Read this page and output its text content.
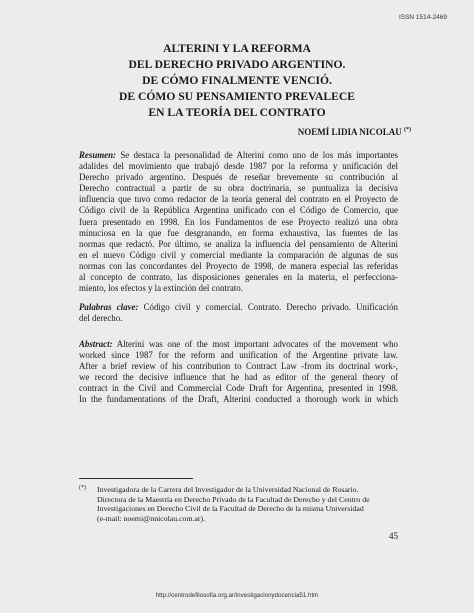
ISSN 1514-2469
ALTERINI Y LA REFORMA
DEL DERECHO PRIVADO ARGENTINO.
DE CÓMO FINALMENTE VENCIÓ.
DE CÓMO SU PENSAMIENTO PREVALECE
EN LA TEORÍA DEL CONTRATO
NOEMÍ LIDIA NICOLAU (*)
Resumen: Se destaca la personalidad de Alterini como uno de los más importantes
adalides del movimiento que trabajó desde 1987 por la reforma y unificación del
Derecho privado argentino. Después de reseñar brevemente su contribución al
Derecho contractual a partir de su obra doctrinaria, se puntualiza la decisiva
influencia que tuvo como redactor de la teoría general del contrato en el Proyecto de
Código civil de la República Argentina unificado con el Código de Comercio, que
fuera presentado en 1998. En los Fundamentos de ese Proyecto realizó una obra
minuciosa en la que fue desgranando, en forma exhaustiva, las fuentes de las
normas que redactó. Por último, se analiza la influencia del pensamiento de Alterini
en el nuevo Código civil y comercial mediante la comparación de algunas de sus
normas con las concordantes del Proyecto de 1998, de manera especial las referidas
al concepto de contrato, las disposiciones generales en la materia, el perfecciona-
miento, los efectos y la extinción del contrato.
Palabras clave: Código civil y comercial. Contrato. Derecho privado. Unificación
del derecho.
Abstract: Alterini was one of the most important advocates of the movement who
worked since 1987 for the reform and unification of the Argentine private law.
After a brief review of his contribution to Contract Law -from its doctrinal work-,
we record the decisive influence that he had as editor of the general theory of
contract in the Civil and Commercial Code Draft for Argentina, presented in 1998.
In the fundamentations of the Draft, Alterini conducted a thorough work in which
(*) Investigadora de la Carrera del Investigador de la Universidad Nacional de Rosario.
Directora de la Maestría en Derecho Privado de la Facultad de Derecho y del Centro de
Investigaciones en Derecho Civil de la Facultad de Derecho de la misma Universidad
(e-mail: noemi@nnicolau.com.ar).
45
http://centrodefilosofia.org.ar/investigacionydocencia51.htm
